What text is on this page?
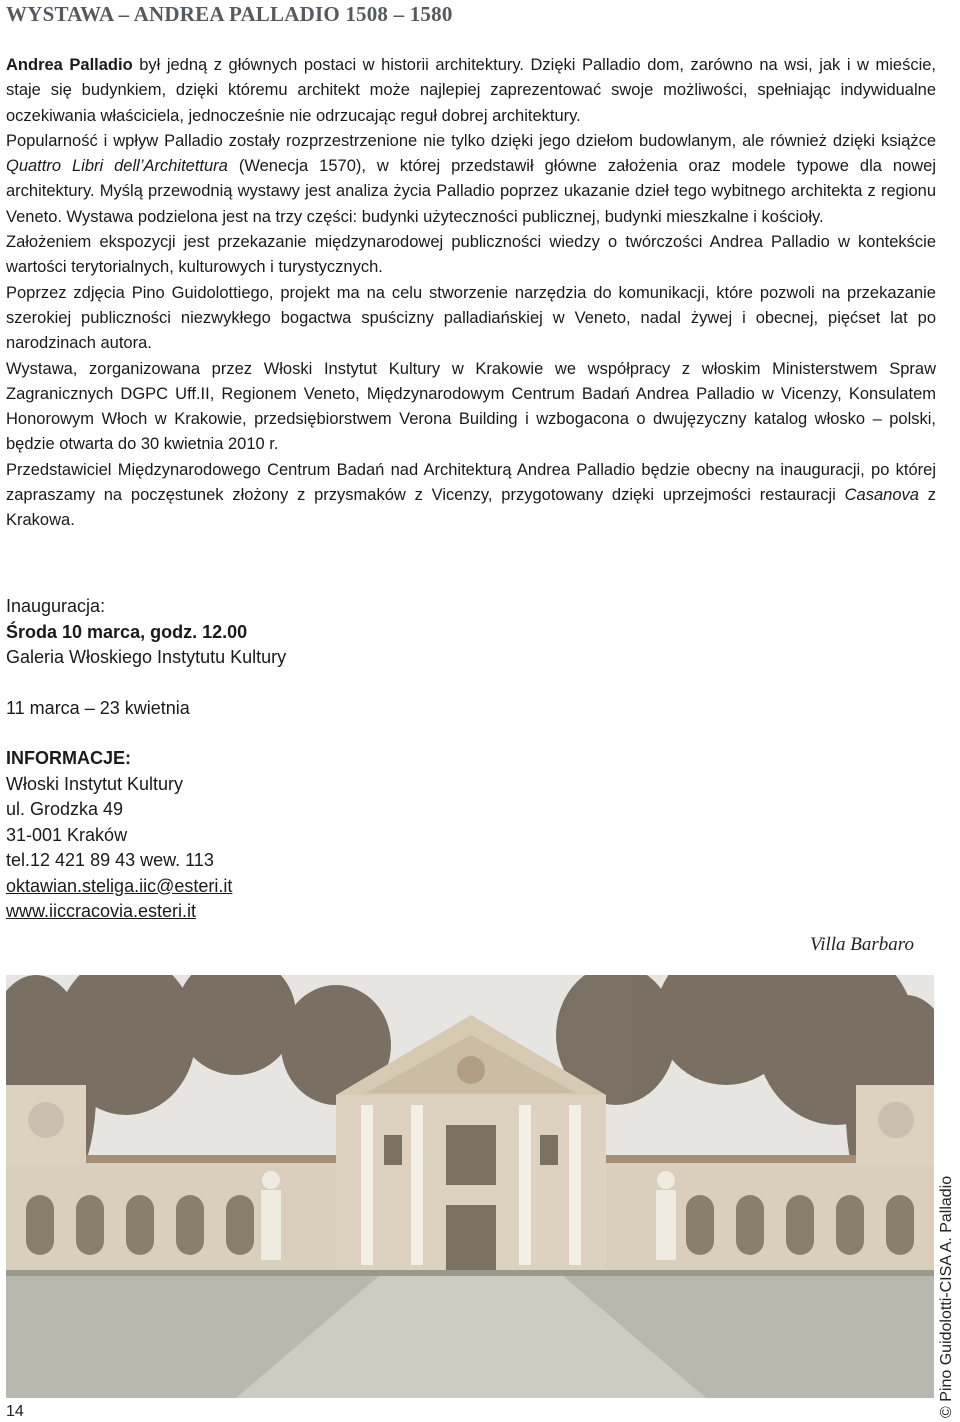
WYSTAWA – ANDREA PALLADIO 1508 – 1580

Andrea Palladio był jedną z głównych postaci w historii architektury. Dzięki Palladio dom, zarówno na wsi, jak i w mieście, staje się budynkiem, dzięki któremu architekt może najlepiej zaprezentować swoje możliwości, spełniając indywidualne oczekiwania właściciela, jednocześnie nie odrzucając reguł dobrej architektury.

Popularność i wpływ Palladio zostały rozprzestrzenione nie tylko dzięki jego dziełom budowlanym, ale również dzięki książce Quattro Libri dell’Architettura (Wenecja 1570), w której przedstawił główne założenia oraz modele typowe dla nowej architektury. Myślą przewodnią wystawy jest analiza życia Palladio poprzez ukazanie dzieł tego wybitnego architekta z regionu Veneto. Wystawa podzielona jest na trzy części: budynki użyteczności publicznej, budynki mieszkalne i kościoły.

Założeniem ekspozycji jest przekazanie międzynarodowej publiczności wiedzy o twórczości Andrea Palladio w kontekście wartości terytorialnych, kulturowych i turystycznych.

Poprzez zdjęcia Pino Guidolottiego, projekt ma na celu stworzenie narzędzia do komunikacji, które pozwoli na przekazanie szerokiej publiczności niezwykłego bogactwa spuścizny palladiańskiej w Veneto, nadal żywej i obecnej, pięćset lat po narodzinach autora.

Wystawa, zorganizowana przez Włoski Instytut Kultury w Krakowie we współpracy z włoskim Ministerstwem Spraw Zagranicznych DGPC Uff.II, Regionem Veneto, Międzynarodowym Centrum Badań Andrea Palladio w Vicenzy, Konsulatem Honorowym Włoch w Krakowie, przedsiębiorstwem Verona Building i wzbogacona o dwujęzyczny katalog włosko – polski, będzie otwarta do 30 kwietnia 2010 r.

Przedstawiciel Międzynarodowego Centrum Badań nad Architekturą Andrea Palladio będzie obecny na inauguracji, po której zapraszamy na poczęstunek złożony z przysmaków z Vicenzy, przygotowany dzięki uprzejmości restauracji Casanova z Krakowa.

Inauguracja:
Środa 10 marca, godz. 12.00
Galeria Włoskiego Instytutu Kultury
11 marca – 23 kwietnia
INFORMACJE:
Włoski Instytut Kultury
ul. Grodzka 49
31-001 Kraków
tel.12 421 89 43 wew. 113
oktawian.steliga.iic@esteri.it
www.iiccracovia.esteri.it
Villa Barbaro
© Pino Guidolotti-CISA A. Palladio
14
